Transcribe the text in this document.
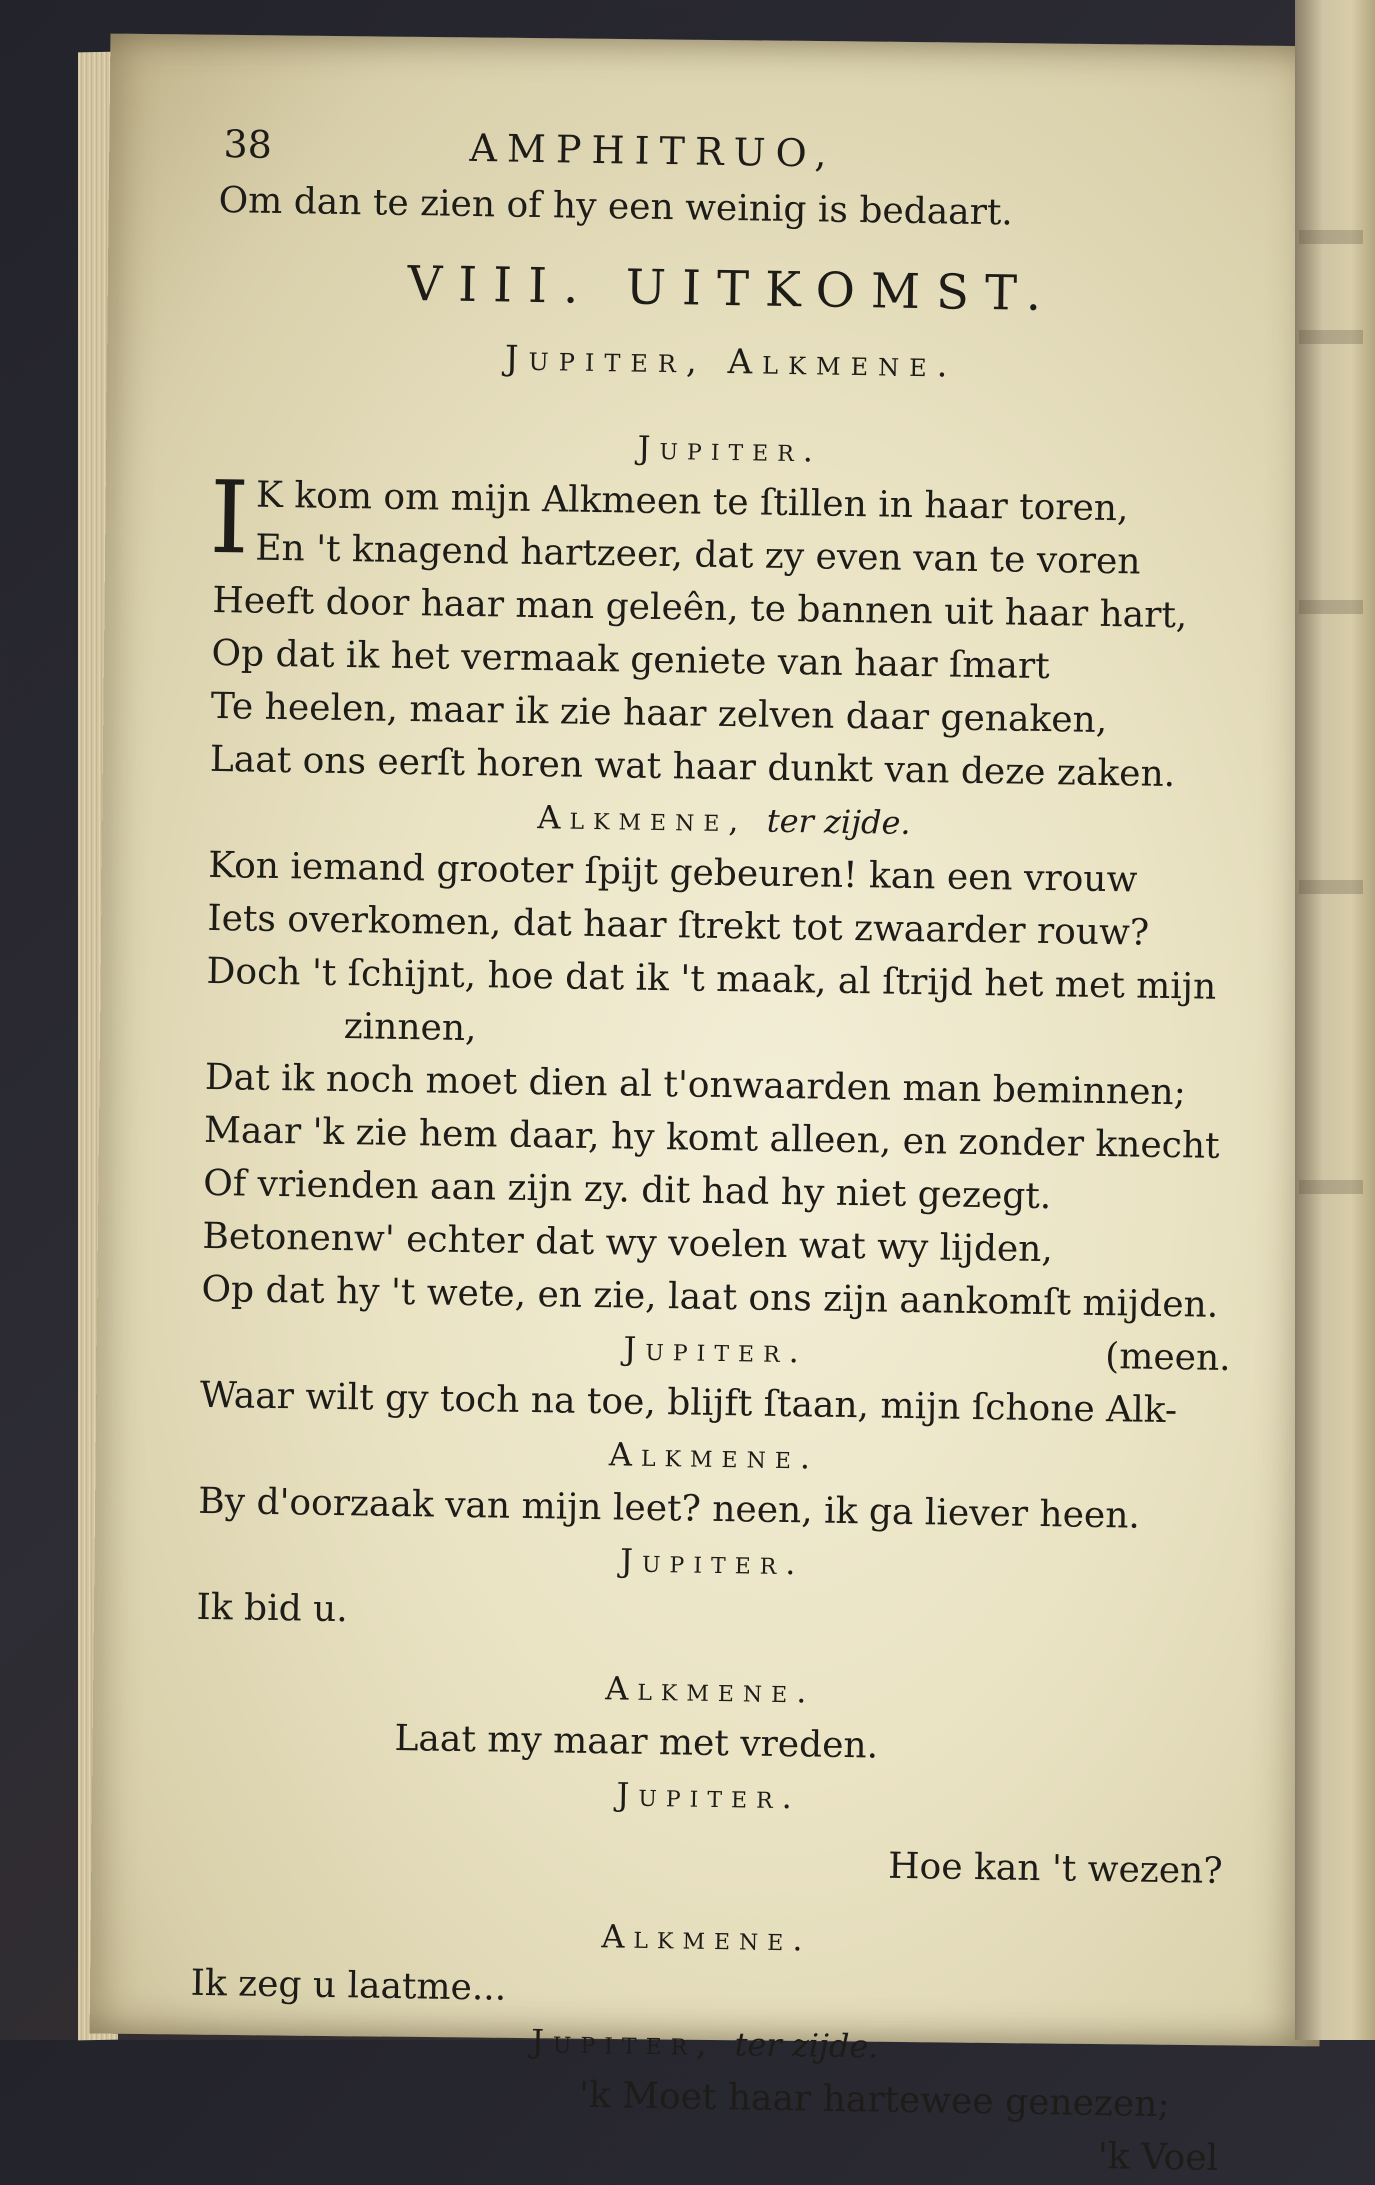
38	AMPHITRUO,
Om dan te zien of hy een weinig is bedaart.
VIII. UITKOMST.
Jupiter, Alkmene.
Jupiter.
I K kom om mijn Alkmeen te ſtillen in haar toren,
En 't knagend hartzeer, dat zy even van te voren
Heeft door haar man geleên, te bannen uit haar hart,
Op dat ik het vermaak geniete van haar ſmart
Te heelen, maar ik zie haar zelven daar genaken,
Laat ons eerſt horen wat haar dunkt van deze zaken.
Alkmene, ter zijde.
Kon iemand grooter ſpijt gebeuren! kan een vrouw
Iets overkomen, dat haar ſtrekt tot zwaarder rouw?
Doch 't ſchijnt, hoe dat ik 't maak, al ſtrijd het met mijn
zinnen,
Dat ik noch moet dien al t'onwaarden man beminnen;
Maar 'k zie hem daar, hy komt alleen, en zonder knecht
Of vrienden aan zijn zy. dit had hy niet gezegt.
Betonenw' echter dat wy voelen wat wy lijden,
Op dat hy 't wete, en zie, laat ons zijn aankomſt mijden.
Jupiter.	(meen.
Waar wilt gy toch na toe, blijft ſtaan, mijn ſchone Alk-
Alkmene.
By d'oorzaak van mijn leet? neen, ik ga liever heen.
Jupiter.
Ik bid u.
Alkmene.
Laat my maar met vreden.
Jupiter.
Hoe kan 't wezen?
Alkmene.
Ik zeg u laatme...
Jupiter, ter zijde.
'k Moet haar hartewee genezen;
'k Voel
